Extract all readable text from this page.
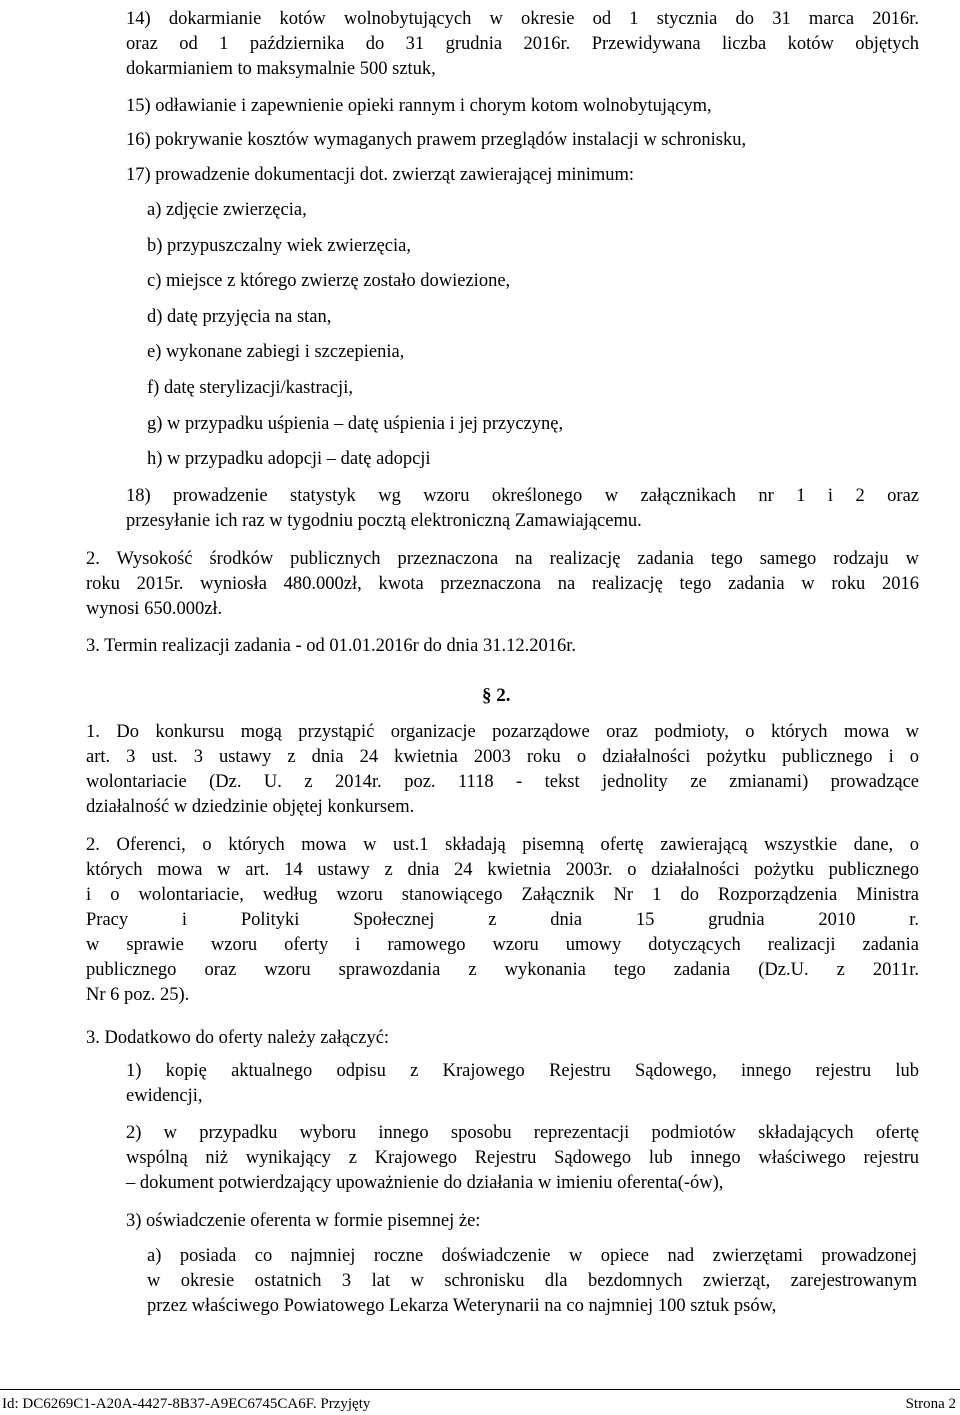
14) dokarmianie kotów wolnobytujących w okresie od 1 stycznia do 31 marca 2016r.
oraz od 1 października do 31 grudnia 2016r. Przewidywana liczba kotów objętych
dokarmianiem to maksymalnie 500 sztuk,
15) odławianie i zapewnienie opieki rannym i chorym kotom wolnobytującym,
16) pokrywanie kosztów wymaganych prawem przeglądów instalacji w schronisku,
17) prowadzenie dokumentacji dot. zwierząt zawierającej minimum:
a) zdjęcie zwierzęcia,
b) przypuszczalny wiek zwierzęcia,
c) miejsce z którego zwierzę zostało dowiezione,
d) datę przyjęcia na stan,
e) wykonane zabiegi i szczepienia,
f) datę sterylizacji/kastracji,
g) w przypadku uśpienia – datę uśpienia i jej przyczynę,
h) w przypadku adopcji – datę adopcji
18) prowadzenie statystyk wg wzoru określonego w załącznikach nr 1 i 2 oraz
przesyłanie ich raz w tygodniu pocztą elektroniczną Zamawiającemu.
2. Wysokość środków publicznych przeznaczona na realizację zadania tego samego rodzaju w
roku 2015r. wyniosła 480.000zł, kwota przeznaczona na realizację tego zadania w roku 2016
wynosi 650.000zł.
3. Termin realizacji zadania - od 01.01.2016r do dnia 31.12.2016r.
1. Do konkursu mogą przystąpić organizacje pozarządowe oraz podmioty, o których mowa w
art. 3 ust. 3 ustawy z dnia 24 kwietnia 2003 roku o działalności pożytku publicznego i o
wolontariacie (Dz. U. z 2014r. poz. 1118 - tekst jednolity ze zmianami) prowadzące
działalność w dziedzinie objętej konkursem.
2. Oferenci, o których mowa w ust.1 składają pisemną ofertę zawierającą wszystkie dane, o
których mowa w art. 14 ustawy z dnia 24 kwietnia 2003r. o działalności pożytku publicznego
i o wolontariacie, według wzoru stanowiącego Załącznik Nr 1 do Rozporządzenia Ministra
Pracy i Polityki Społecznej z dnia 15 grudnia 2010 r.
w sprawie wzoru oferty i ramowego wzoru umowy dotyczących realizacji zadania
publicznego oraz wzoru sprawozdania z wykonania tego zadania (Dz.U. z 2011r.
Nr 6 poz. 25).
3. Dodatkowo do oferty należy załączyć:
1) kopię aktualnego odpisu z Krajowego Rejestru Sądowego, innego rejestru lub
ewidencji,
2) w przypadku wyboru innego sposobu reprezentacji podmiotów składających ofertę
wspólną niż wynikający z Krajowego Rejestru Sądowego lub innego właściwego rejestru
– dokument potwierdzający upoważnienie do działania w imieniu oferenta(-ów),
3) oświadczenie oferenta w formie pisemnej że:
a) posiada co najmniej roczne doświadczenie w opiece nad zwierzętami prowadzonej
w okresie ostatnich 3 lat w schronisku dla bezdomnych zwierząt, zarejestrowanym
przez właściwego Powiatowego Lekarza Weterynarii na co najmniej 100 sztuk psów,
§ 2.
Id: DC6269C1-A20A-4427-8B37-A9EC6745CA6F. Przyjęty	Strona 2
